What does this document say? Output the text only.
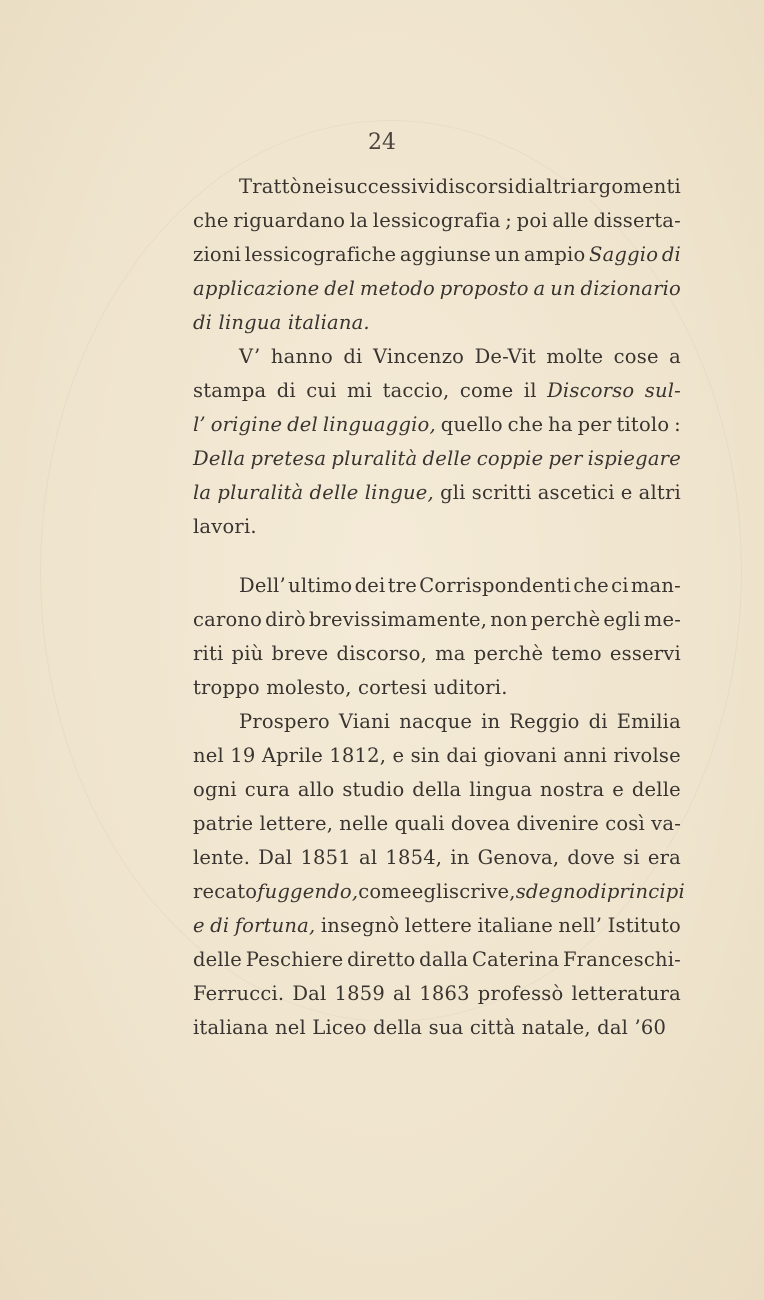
24
Trattò nei successivi discorsi di altri argomenti
che riguardano la lessicografia ; poi alle disserta-
zioni lessicografiche aggiunse un ampio Saggio di
applicazione del metodo proposto a un dizionario
di lingua italiana.
V’ hanno di Vincenzo De-Vit molte cose a
stampa di cui mi taccio, come il Discorso sul-
l’ origine del linguaggio, quello che ha per titolo :
Della pretesa pluralità delle coppie per ispiegare
la pluralità delle lingue, gli scritti ascetici e altri
lavori.
Dell’ ultimo dei tre Corrispondenti che ci man-
carono dirò brevissimamente, non perchè egli me-
riti più breve discorso, ma perchè temo esservi
troppo molesto, cortesi uditori.
Prospero Viani nacque in Reggio di Emilia
nel 19 Aprile 1812, e sin dai giovani anni rivolse
ogni cura allo studio della lingua nostra e delle
patrie lettere, nelle quali dovea divenire così va-
lente. Dal 1851 al 1854, in Genova, dove si era
recato fuggendo, come egli scrive, sdegno di principi
e di fortuna, insegnò lettere italiane nell’ Istituto
delle Peschiere diretto dalla Caterina Franceschi-
Ferrucci. Dal 1859 al 1863 professò letteratura
italiana nel Liceo della sua città natale, dal ’60
